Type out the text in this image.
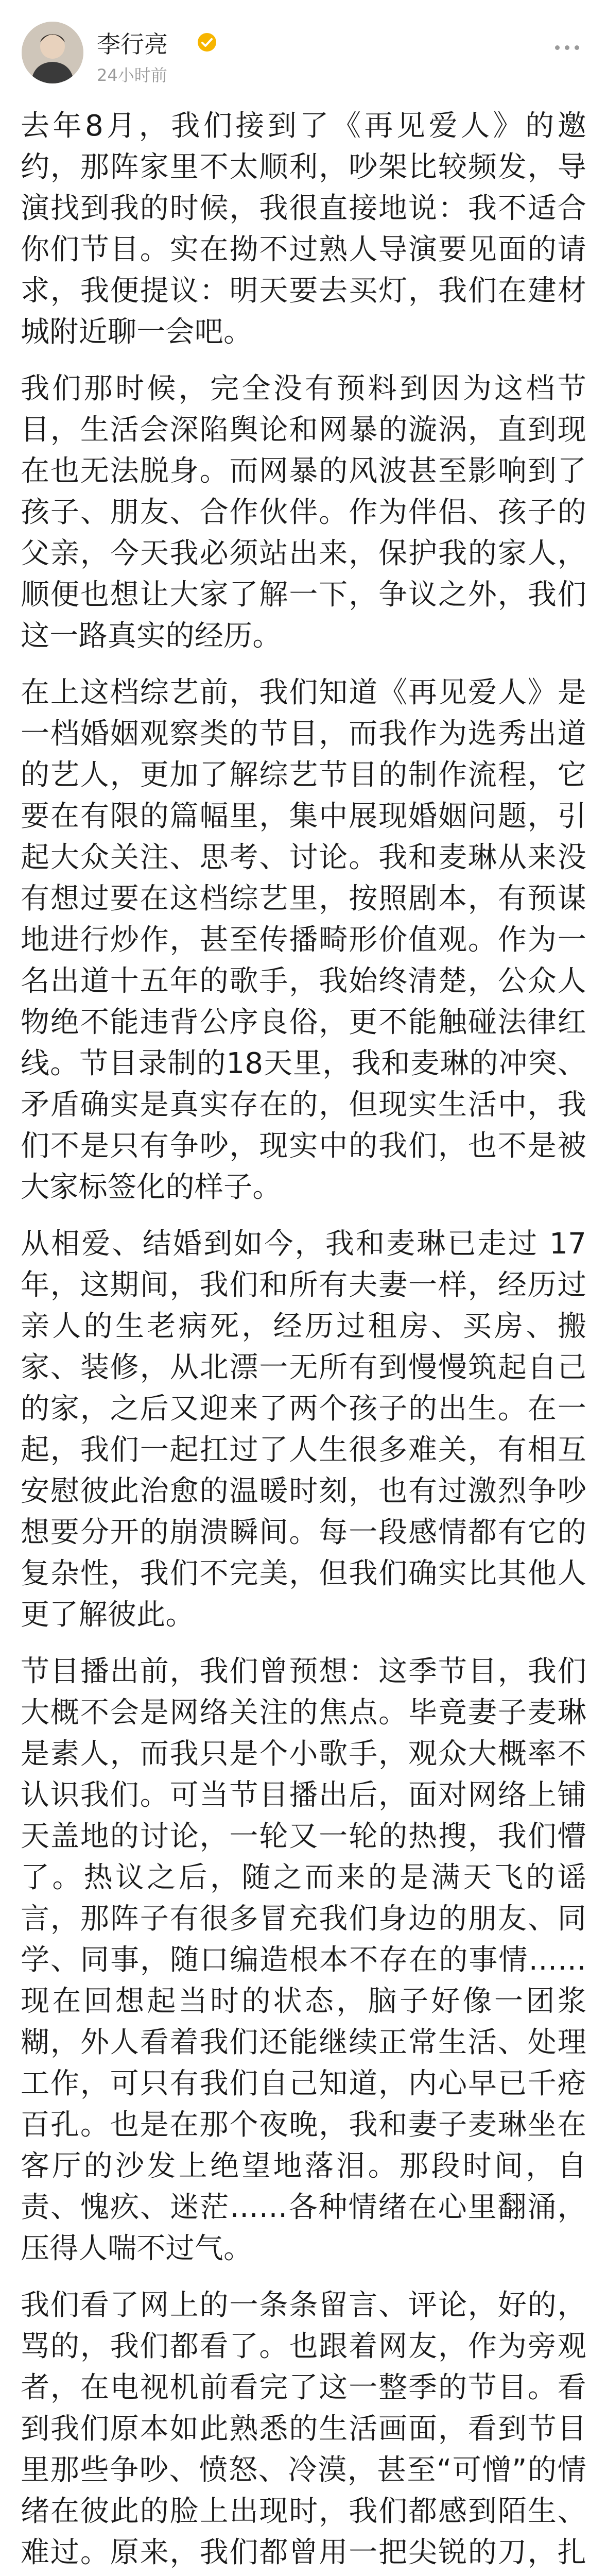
李行亮
24小时前

去年8月，我们接到了《再见爱人》的邀约，那阵家里不太顺利，吵架比较频发，导演找到我的时候，我很直接地说：我不适合你们节目。实在拗不过熟人导演要见面的请求，我便提议：明天要去买灯，我们在建材城附近聊一会吧。

我们那时候，完全没有预料到因为这档节目，生活会深陷舆论和网暴的漩涡，直到现在也无法脱身。而网暴的风波甚至影响到了孩子、朋友、合作伙伴。作为伴侣、孩子的父亲，今天我必须站出来，保护我的家人，顺便也想让大家了解一下，争议之外，我们这一路真实的经历。

在上这档综艺前，我们知道《再见爱人》是一档婚姻观察类的节目，而我作为选秀出道的艺人，更加了解综艺节目的制作流程，它要在有限的篇幅里，集中展现婚姻问题，引起大众关注、思考、讨论。我和麦琳从来没有想过要在这档综艺里，按照剧本，有预谋地进行炒作，甚至传播畸形价值观。作为一名出道十五年的歌手，我始终清楚，公众人物绝不能违背公序良俗，更不能触碰法律红线。节目录制的18天里，我和麦琳的冲突、矛盾确实是真实存在的，但现实生活中，我们不是只有争吵，现实中的我们，也不是被大家标签化的样子。

从相爱、结婚到如今，我和麦琳已走过 17 年，这期间，我们和所有夫妻一样，经历过亲人的生老病死，经历过租房、买房、搬家、装修，从北漂一无所有到慢慢筑起自己的家，之后又迎来了两个孩子的出生。在一起，我们一起扛过了人生很多难关，有相互安慰彼此治愈的温暖时刻，也有过激烈争吵想要分开的崩溃瞬间。每一段感情都有它的复杂性，我们不完美，但我们确实比其他人更了解彼此。

节目播出前，我们曾预想：这季节目，我们大概不会是网络关注的焦点。毕竟妻子麦琳是素人，而我只是个小歌手，观众大概率不认识我们。可当节目播出后，面对网络上铺天盖地的讨论，一轮又一轮的热搜，我们懵了。热议之后，随之而来的是满天飞的谣言，那阵子有很多冒充我们身边的朋友、同学、同事，随口编造根本不存在的事情……现在回想起当时的状态，脑子好像一团浆糊，外人看着我们还能继续正常生活、处理工作，可只有我们自己知道，内心早已千疮百孔。也是在那个夜晚，我和妻子麦琳坐在客厅的沙发上绝望地落泪。那段时间，自责、愧疚、迷茫……各种情绪在心里翻涌，压得人喘不过气。

我们看了网上的一条条留言、评论，好的，骂的，我们都看了。也跟着网友，作为旁观者，在电视机前看完了这一整季的节目。看到我们原本如此熟悉的生活画面，看到节目里那些争吵、愤怒、冷漠，甚至“可憎”的情绪在彼此的脸上出现时，我们都感到陌生、难过。原来，我们都曾用一把尖锐的刀，扎
